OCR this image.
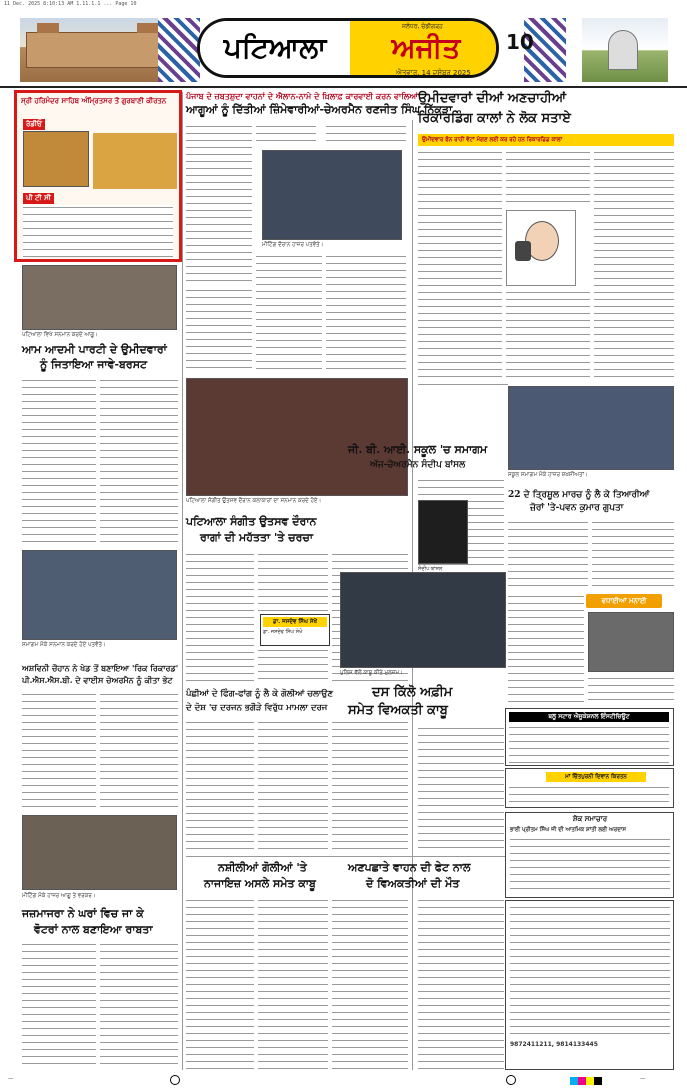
11 Dec. 2025 8:10:13 AM 1.11.1.1 ... Page 10
ਪਟਿਆਲਾ	ਅਜੀਤ
ਜਲੰਧਰ, ਚੰਡੀਗੜ੍ਹ
ਐਤਵਾਰ, 14 ਦਸੰਬਰ 2025
10
ਸ੍ਰੀ ਹਰਿਮੰਦਰ ਸਾਹਿਬ ਅੰਮ੍ਰਿਤਸਰ ਤੋਂ ਗੁਰਬਾਣੀ ਕੀਰਤਨ
ਰੇਡੀਓ
ਪੀ ਟੀ ਸੀ
ਪਟਿਆਲਾ ਵਿਖੇ ਸਨਮਾਨ ਕਰਦੇ ਆਗੂ।
ਆਮ ਆਦਮੀ ਪਾਰਟੀ ਦੇ ਉਮੀਦਵਾਰਾਂ
ਨੂੰ ਜਿਤਾਇਆ ਜਾਵੇ-ਬਰਸਟ
ਸਮਾਗਮ ਮੌਕੇ ਸਨਮਾਨ ਕਰਦੇ ਹੋਏ ਪਤਵੰਤੇ।
ਅਸ਼ਵਿਨੀ ਚੌਹਾਨ ਨੇ ਖੇਡ ਤੋਂ ਬਣਾਇਆ 'ਰਿਕ ਰਿਕਾਰਡ'
ਪੀ.ਐਸ.ਐਸ.ਬੀ. ਦੇ ਵਾਈਸ ਚੇਅਰਮੈਨ ਨੂੰ ਕੀਤਾ ਭੇਟ
ਮੀਟਿੰਗ ਮੌਕੇ ਹਾਜ਼ਰ ਆਗੂ ਤੇ ਵਰਕਰ।
ਜਜ਼ਮਾਜਰਾ ਨੇ ਘਰਾਂ ਵਿਚ ਜਾ ਕੇ
ਵੋਟਰਾਂ ਨਾਲ ਬਣਾਇਆ ਰਾਬਤਾ
ਪੰਜਾਬ ਦੇ ਜ਼ਬਤਸ਼ੁਦਾ ਵਾਹਨਾਂ ਦੇ ਐਲਾਨ-ਨਾਮੇ ਦੇ ਖ਼ਿਲਾਫ਼ ਕਾਰਵਾਈ ਕਰਨ ਵਾਲਿਆਂ
ਆਗੂਆਂ ਨੂੰ ਦਿੱਤੀਆਂ ਜ਼ਿੰਮੇਵਾਰੀਆਂ-ਚੇਅਰਮੈਨ ਰਣਜੀਤ ਸਿੰਘ ਨਿੱਕੜਾ
ਮੀਟਿੰਗ ਦੌਰਾਨ ਹਾਜ਼ਰ ਪਤਵੰਤੇ।
ਪਟਿਆਲਾ ਸੰਗੀਤ ਉਤਸਵ ਦੌਰਾਨ ਕਲਾਕਾਰਾਂ ਦਾ ਸਨਮਾਨ ਕਰਦੇ ਹੋਏ।
ਪਟਿਆਲਾ ਸੰਗੀਤ ਉਤਸਵ ਦੌਰਾਨ
ਰਾਗਾਂ ਦੀ ਮਹੱਤਤਾ 'ਤੇ ਚਰਚਾ
ਡਾ. ਜਸਦੇਵ ਸਿੰਘ ਸੇਖੋਂ
ਡਾ. ਜਸਦੇਵ ਸਿੰਘ ਸੇਖੋਂ
ਪੰਛੀਆਂ ਦੇ ਫਿੰਗ-ਫਾਂਗ ਨੂੰ ਲੈ ਕੇ ਗੋਲੀਆਂ ਚਲਾਉਣ
ਦੇ ਦੋਸ਼ 'ਚ ਦਰਜਨ ਭਗੌੜੇ ਵਿਰੁੱਧ ਮਾਮਲਾ ਦਰਜ
ਨਸ਼ੀਲੀਆਂ ਗੋਲੀਆਂ 'ਤੇ
ਨਾਜਾਇਜ਼ ਅਸਲੇ ਸਮੇਤ ਕਾਬੂ
ਉਮੀਦਵਾਰਾਂ ਦੀਆਂ ਅਣਚਾਹੀਆਂ
ਰਿਕਾਰਡਿੰਗ ਕਾਲਾਂ ਨੇ ਲੋਕ ਸਤਾਏ
ਉਮੀਦਵਾਰ ਫੋਨ ਰਾਹੀਂ ਵੋਟਾਂ ਮੰਗਣ ਲਈ ਕਰ ਰਹੇ ਹਨ ਰਿਕਾਰਡਿਡ ਕਾਲਾਂ
ਜੀ. ਬੀ. ਆਈ. ਸਕੂਲ 'ਚ ਸਮਾਗਮ
ਅੱਜ-ਚੇਅਰਮੈਨ ਸੰਦੀਪ ਬਾਂਸਲ
ਸੰਦੀਪ ਬਾਂਸਲ
ਪੁਲਿਸ ਵੱਲੋਂ ਕਾਬੂ ਕੀਤੇ ਮੁਲਜ਼ਮ।
ਦਸ ਕਿੱਲੋ ਅਫ਼ੀਮ
ਸਮੇਤ ਵਿਅਕਤੀ ਕਾਬੂ
ਅਣਪਛਾਤੇ ਵਾਹਨ ਦੀ ਫੇਟ ਨਾਲ
ਦੋ ਵਿਅਕਤੀਆਂ ਦੀ ਮੌਤ
ਸਕੂਲ ਸਮਾਗਮ ਮੌਕੇ ਹਾਜ਼ਰ ਸ਼ਖ਼ਸੀਅਤਾਂ।
22 ਦੇ ਤ੍ਰਿਸ਼ੂਲ ਮਾਰਚ ਨੂੰ ਲੈ ਕੇ ਤਿਆਰੀਆਂ
ਜ਼ੋਰਾਂ 'ਤੇ-ਪਵਨ ਕੁਮਾਰ ਗੁਪਤਾ
ਵਧਾਈਆਂ ਮਨਾਈ
ਬਲੂ ਸਟਾਰ ਐਜੂਕੇਸ਼ਨਲ ਇੰਸਟੀਚਿਊਟ
ਮਾਂ ਚਿੰਤਪੁਰਨੀ ਦਿਵਾਨ ਕਿਰਤਨ
ਸ਼ੋਕ ਸਮਾਚਾਰ
ਭਾਈ ਪ੍ਰੀਤਮ ਸਿੰਘ ਜੀ ਦੀ ਆਤਮਿਕ ਸ਼ਾਂਤੀ ਲਈ ਅਰਦਾਸ
9872411211, 9814133445
—	—
